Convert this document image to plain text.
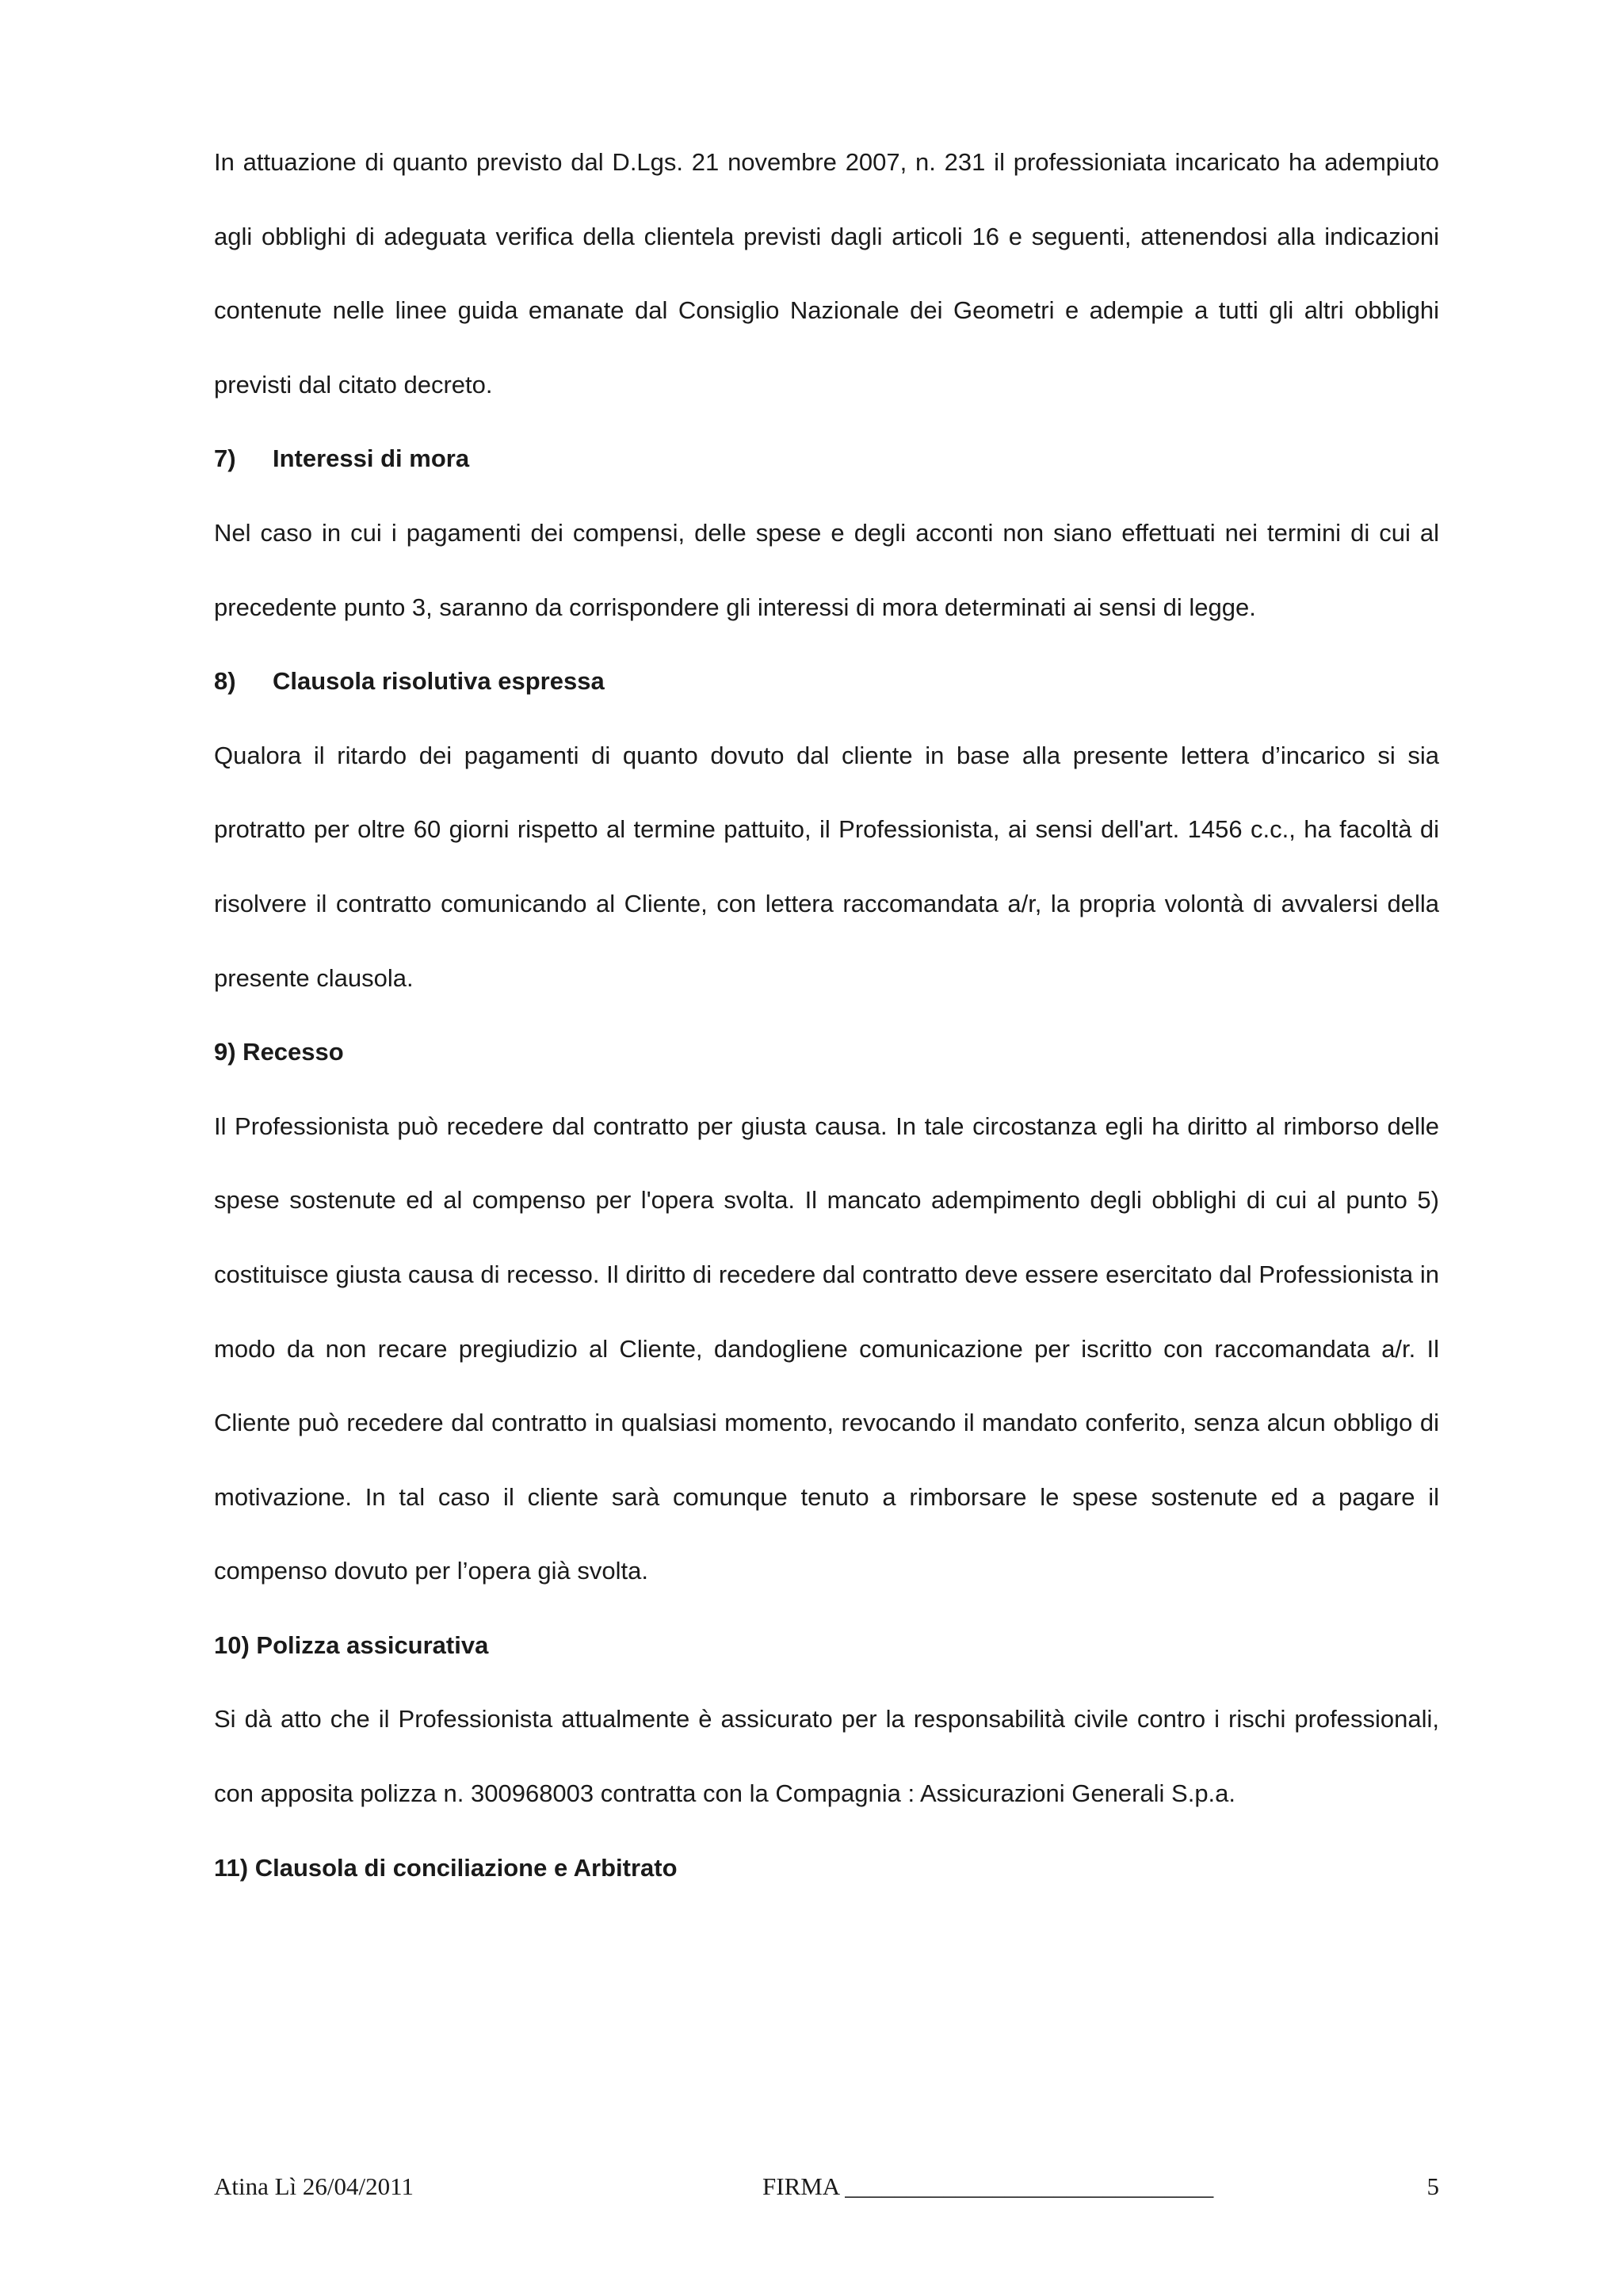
In attuazione di quanto previsto dal D.Lgs. 21 novembre 2007, n. 231 il professioniata incaricato ha adempiuto agli obblighi di adeguata verifica della clientela previsti dagli articoli 16 e seguenti, attenendosi alla indicazioni contenute nelle linee guida emanate dal Consiglio Nazionale dei Geometri e adempie a tutti gli altri obblighi previsti dal citato decreto.

7) Interessi di mora

Nel caso in cui i pagamenti dei compensi, delle spese e degli acconti non siano effettuati nei termini di cui al precedente punto 3, saranno da corrispondere gli interessi di mora determinati ai sensi di legge.

8) Clausola risolutiva espressa

Qualora il ritardo dei pagamenti di quanto dovuto dal cliente in base alla presente lettera d’incarico si sia protratto per oltre 60 giorni rispetto al termine pattuito, il Professionista, ai sensi dell'art. 1456 c.c., ha facoltà di risolvere il contratto comunicando al Cliente, con lettera raccomandata a/r, la propria volontà di avvalersi della presente clausola.

9) Recesso

Il Professionista può recedere dal contratto per giusta causa. In tale circostanza egli ha diritto al rimborso delle spese sostenute ed al compenso per l'opera svolta. Il mancato adempimento degli obblighi di cui al punto 5) costituisce giusta causa di recesso. Il diritto di recedere dal contratto deve essere esercitato dal Professionista in modo da non recare pregiudizio al Cliente, dandogliene comunicazione per iscritto con raccomandata a/r. Il Cliente può recedere dal contratto in qualsiasi momento, revocando il mandato conferito, senza alcun obbligo di motivazione. In tal caso il cliente sarà comunque tenuto a rimborsare le spese sostenute ed a pagare il compenso dovuto per l’opera già svolta.

10) Polizza assicurativa

Si dà atto che il Professionista attualmente è assicurato per la responsabilità civile contro i rischi professionali, con apposita polizza n. 300968003 contratta con la Compagnia : Assicurazioni Generali S.p.a.

11) Clausola di conciliazione e Arbitrato

Atina Lì 26/04/2011	FIRMA ______________________________	5
